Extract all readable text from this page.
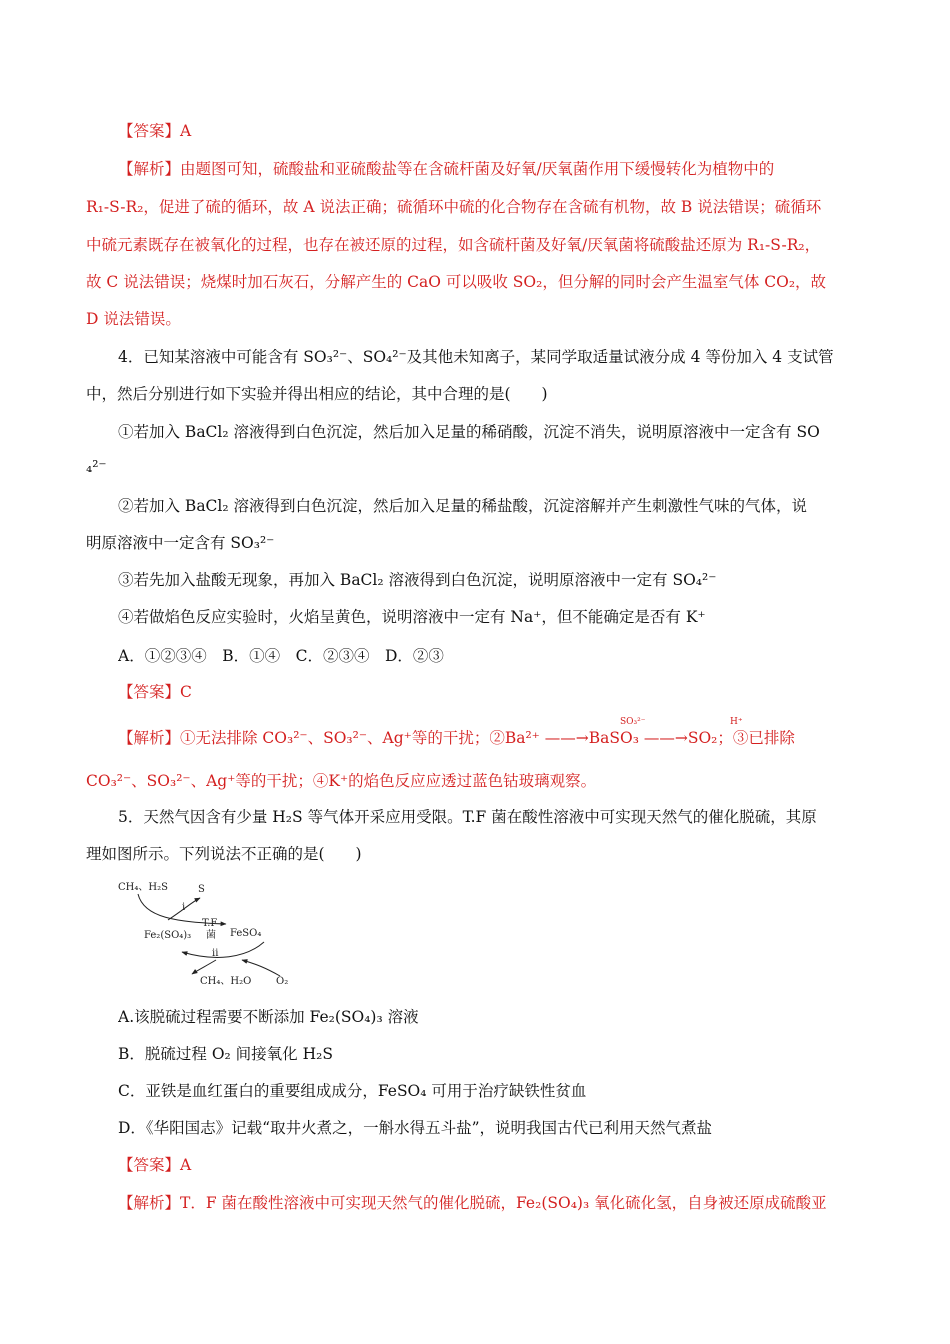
【答案】A
【解析】由题图可知，硫酸盐和亚硫酸盐等在含硫杆菌及好氧/厌氧菌作用下缓慢转化为植物中的
R₁-S-R₂，促进了硫的循环，故 A 说法正确；硫循环中硫的化合物存在含硫有机物，故 B 说法错误；硫循环
中硫元素既存在被氧化的过程，也存在被还原的过程，如含硫杆菌及好氧/厌氧菌将硫酸盐还原为 R₁-S-R₂，
故 C 说法错误；烧煤时加石灰石，分解产生的 CaO 可以吸收 SO₂，但分解的同时会产生温室气体 CO₂，故
D 说法错误。
4．已知某溶液中可能含有 SO₃²⁻、SO₄²⁻及其他未知离子，某同学取适量试液分成 4 等份加入 4 支试管
中，然后分别进行如下实验并得出相应的结论，其中合理的是(　　)
①若加入 BaCl₂ 溶液得到白色沉淀，然后加入足量的稀硝酸，沉淀不消失，说明原溶液中一定含有 SO
₄²⁻
②若加入 BaCl₂ 溶液得到白色沉淀，然后加入足量的稀盐酸，沉淀溶解并产生刺激性气味的气体，说
明原溶液中一定含有 SO₃²⁻
③若先加入盐酸无现象，再加入 BaCl₂ 溶液得到白色沉淀，说明原溶液中一定有 SO₄²⁻
④若做焰色反应实验时，火焰呈黄色，说明溶液中一定有 Na⁺，但不能确定是否有 K⁺
A．①②③④　B．①④　C．②③④　D．②③
【答案】C
【解析】①无法排除 CO₃²⁻、SO₃²⁻、Ag⁺等的干扰；②Ba²⁺ ——→BaSO₃ ——→SO₂；③已排除
SO₃²⁻	H⁺
CO₃²⁻、SO₃²⁻、Ag⁺等的干扰；④K⁺的焰色反应应透过蓝色钴玻璃观察。
5．天然气因含有少量 H₂S 等气体开采应用受限。T.F 菌在酸性溶液中可实现天然气的催化脱硫，其原
理如图所示。下列说法不正确的是(　　)
CH₄、H₂S	S
i
T.F
菌
Fe₂(SO₄)₃	FeSO₄
ii
CH₄、H₂O O₂
A.该脱硫过程需要不断添加 Fe₂(SO₄)₃ 溶液
B．脱硫过程 O₂ 间接氧化 H₂S
C．亚铁是血红蛋白的重要组成成分，FeSO₄ 可用于治疗缺铁性贫血
D．《华阳国志》记载“取井火煮之，一斛水得五斗盐”，说明我国古代已利用天然气煮盐
【答案】A
【解析】T．F 菌在酸性溶液中可实现天然气的催化脱硫，Fe₂(SO₄)₃ 氧化硫化氢，自身被还原成硫酸亚
